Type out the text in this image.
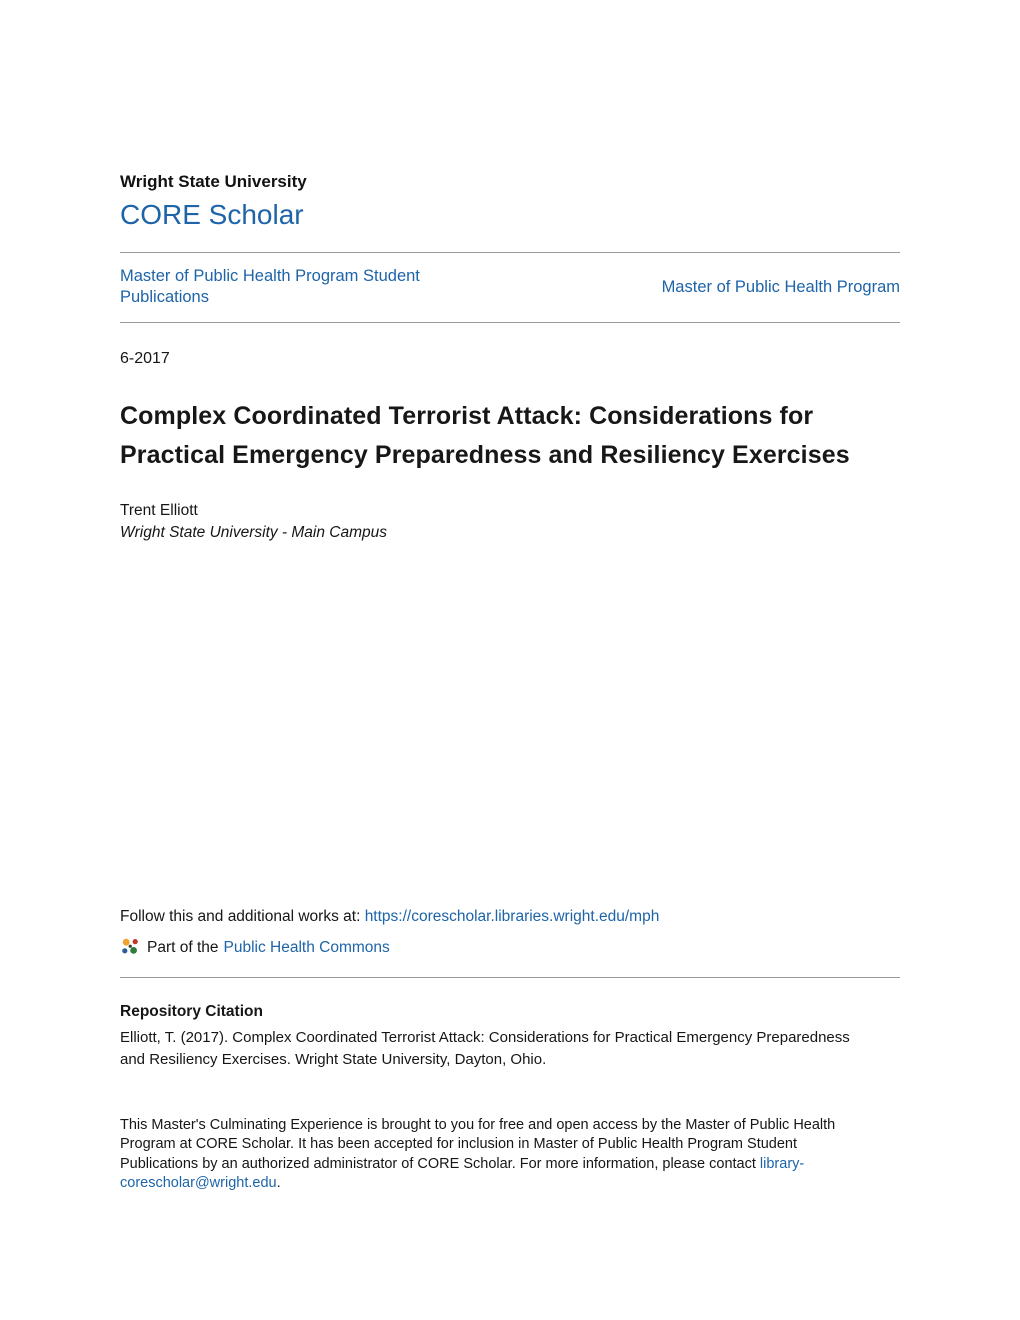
Wright State University
CORE Scholar
Master of Public Health Program Student
Publications
Master of Public Health Program
6-2017
Complex Coordinated Terrorist Attack: Considerations for
Practical Emergency Preparedness and Resiliency Exercises
Trent Elliott
Wright State University - Main Campus
Follow this and additional works at: https://corescholar.libraries.wright.edu/mph
Part of the Public Health Commons
Repository Citation
Elliott, T. (2017). Complex Coordinated Terrorist Attack: Considerations for Practical Emergency Preparedness and Resiliency Exercises. Wright State University, Dayton, Ohio.
This Master's Culminating Experience is brought to you for free and open access by the Master of Public Health Program at CORE Scholar. It has been accepted for inclusion in Master of Public Health Program Student Publications by an authorized administrator of CORE Scholar. For more information, please contact library-corescholar@wright.edu.
